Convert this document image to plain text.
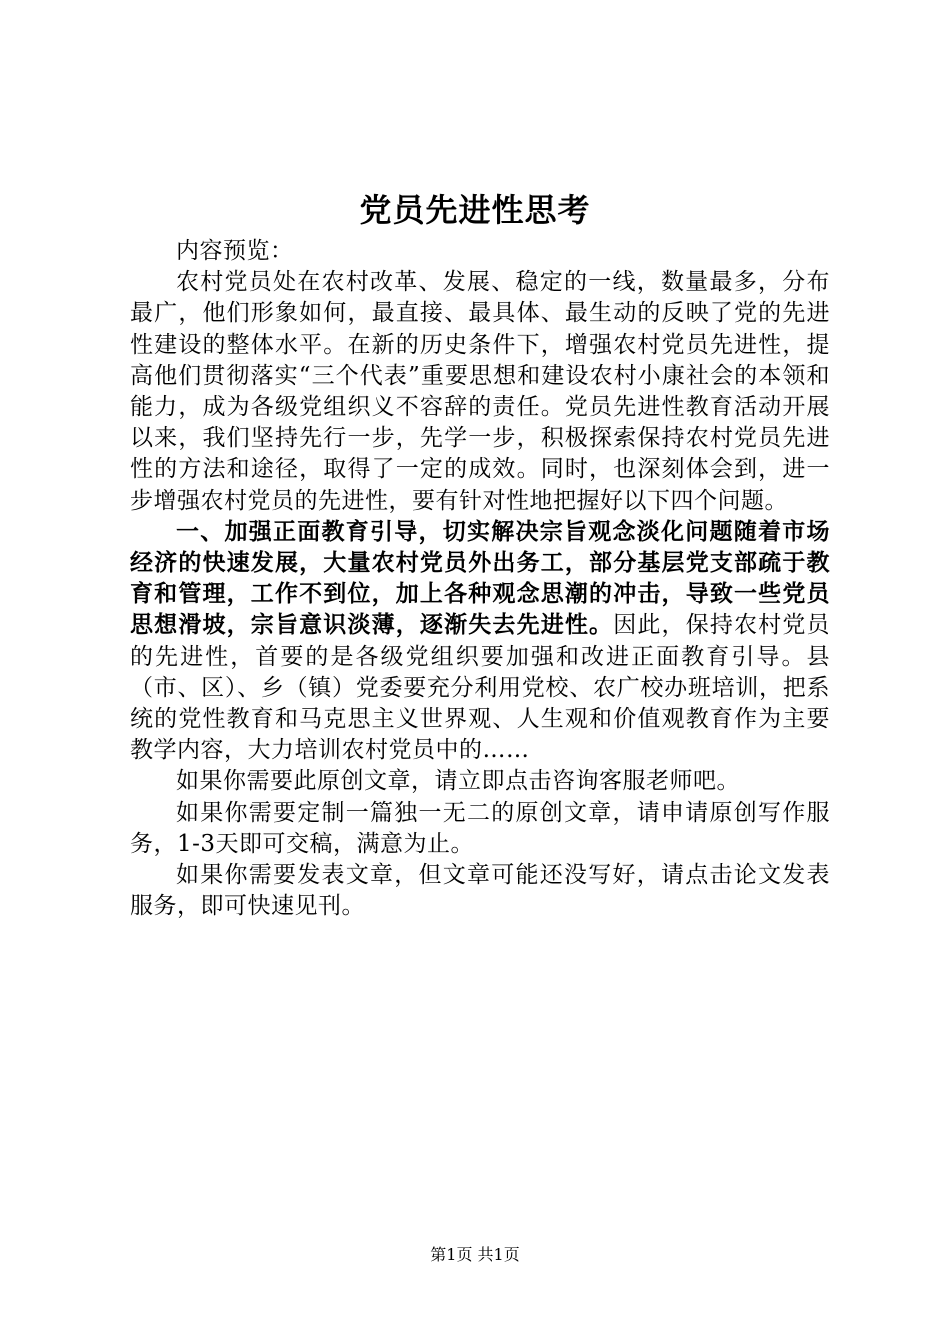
党员先进性思考

内容预览：

农村党员处在农村改革、发展、稳定的一线，数量最多，分布最广，他们形象如何，最直接、最具体、最生动的反映了党的先进性建设的整体水平。在新的历史条件下，增强农村党员先进性，提高他们贯彻落实“三个代表”重要思想和建设农村小康社会的本领和能力，成为各级党组织义不容辞的责任。党员先进性教育活动开展以来，我们坚持先行一步，先学一步，积极探索保持农村党员先进性的方法和途径，取得了一定的成效。同时，也深刻体会到，进一步增强农村党员的先进性，要有针对性地把握好以下四个问题。

一、加强正面教育引导，切实解决宗旨观念淡化问题随着市场经济的快速发展，大量农村党员外出务工，部分基层党支部疏于教育和管理，工作不到位，加上各种观念思潮的冲击，导致一些党员思想滑坡，宗旨意识淡薄，逐渐失去先进性。因此，保持农村党员的先进性，首要的是各级党组织要加强和改进正面教育引导。县（市、区）、乡（镇）党委要充分利用党校、农广校办班培训，把系统的党性教育和马克思主义世界观、人生观和价值观教育作为主要教学内容，大力培训农村党员中的……

如果你需要此原创文章，请立即点击咨询客服老师吧。

如果你需要定制一篇独一无二的原创文章，请申请原创写作服务，1-3天即可交稿，满意为止。

如果你需要发表文章，但文章可能还没写好，请点击论文发表服务，即可快速见刊。

第1页 共1页
